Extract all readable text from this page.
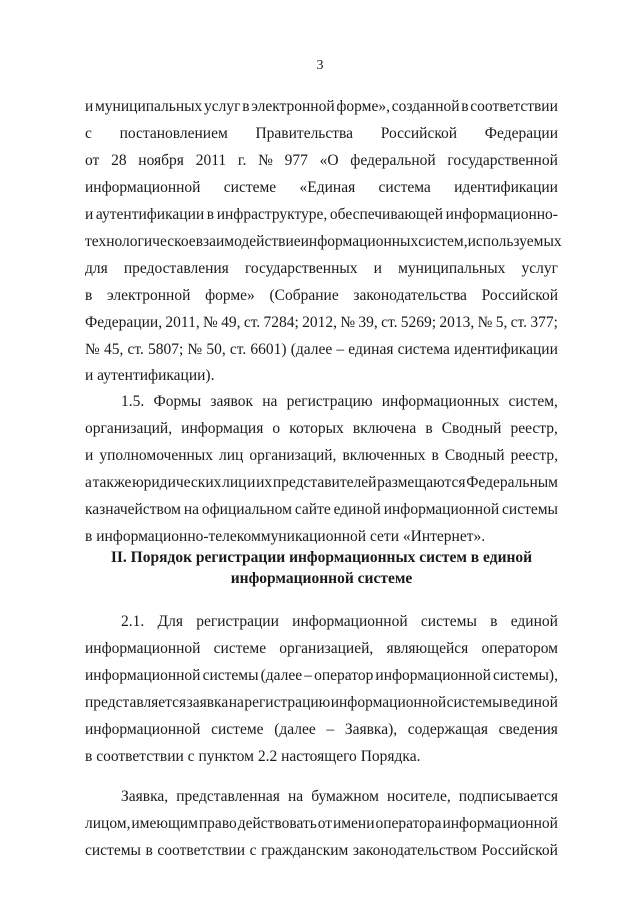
3
и муниципальных услуг в электронной форме», созданной в соответствии
с постановлением Правительства Российской Федерации
от 28 ноября 2011 г. № 977 «О федеральной государственной
информационной системе «Единая система идентификации
и аутентификации в инфраструктуре, обеспечивающей информационно-
технологическое взаимодействие информационных систем, используемых
для предоставления государственных и муниципальных услуг
в электронной форме» (Собрание законодательства Российской
Федерации, 2011, № 49, ст. 7284; 2012, № 39, ст. 5269; 2013, № 5, ст. 377;
№ 45, ст. 5807; № 50, ст. 6601) (далее – единая система идентификации
и аутентификации).
1.5. Формы заявок на регистрацию информационных систем,
организаций, информация о которых включена в Сводный реестр,
и уполномоченных лиц организаций, включенных в Сводный реестр,
а также юридических лиц и их представителей размещаются Федеральным
казначейством на официальном сайте единой информационной системы
в информационно-телекоммуникационной сети «Интернет».
II. Порядок регистрации информационных систем в единой
информационной системе
2.1. Для регистрации информационной системы в единой
информационной системе организацией, являющейся оператором
информационной системы (далее – оператор информационной системы),
представляется заявка на регистрацию информационной системы в единой
информационной системе (далее – Заявка), содержащая сведения
в соответствии с пунктом 2.2 настоящего Порядка.
Заявка, представленная на бумажном носителе, подписывается
лицом, имеющим право действовать от имени оператора информационной
системы в соответствии с гражданским законодательством Российской
